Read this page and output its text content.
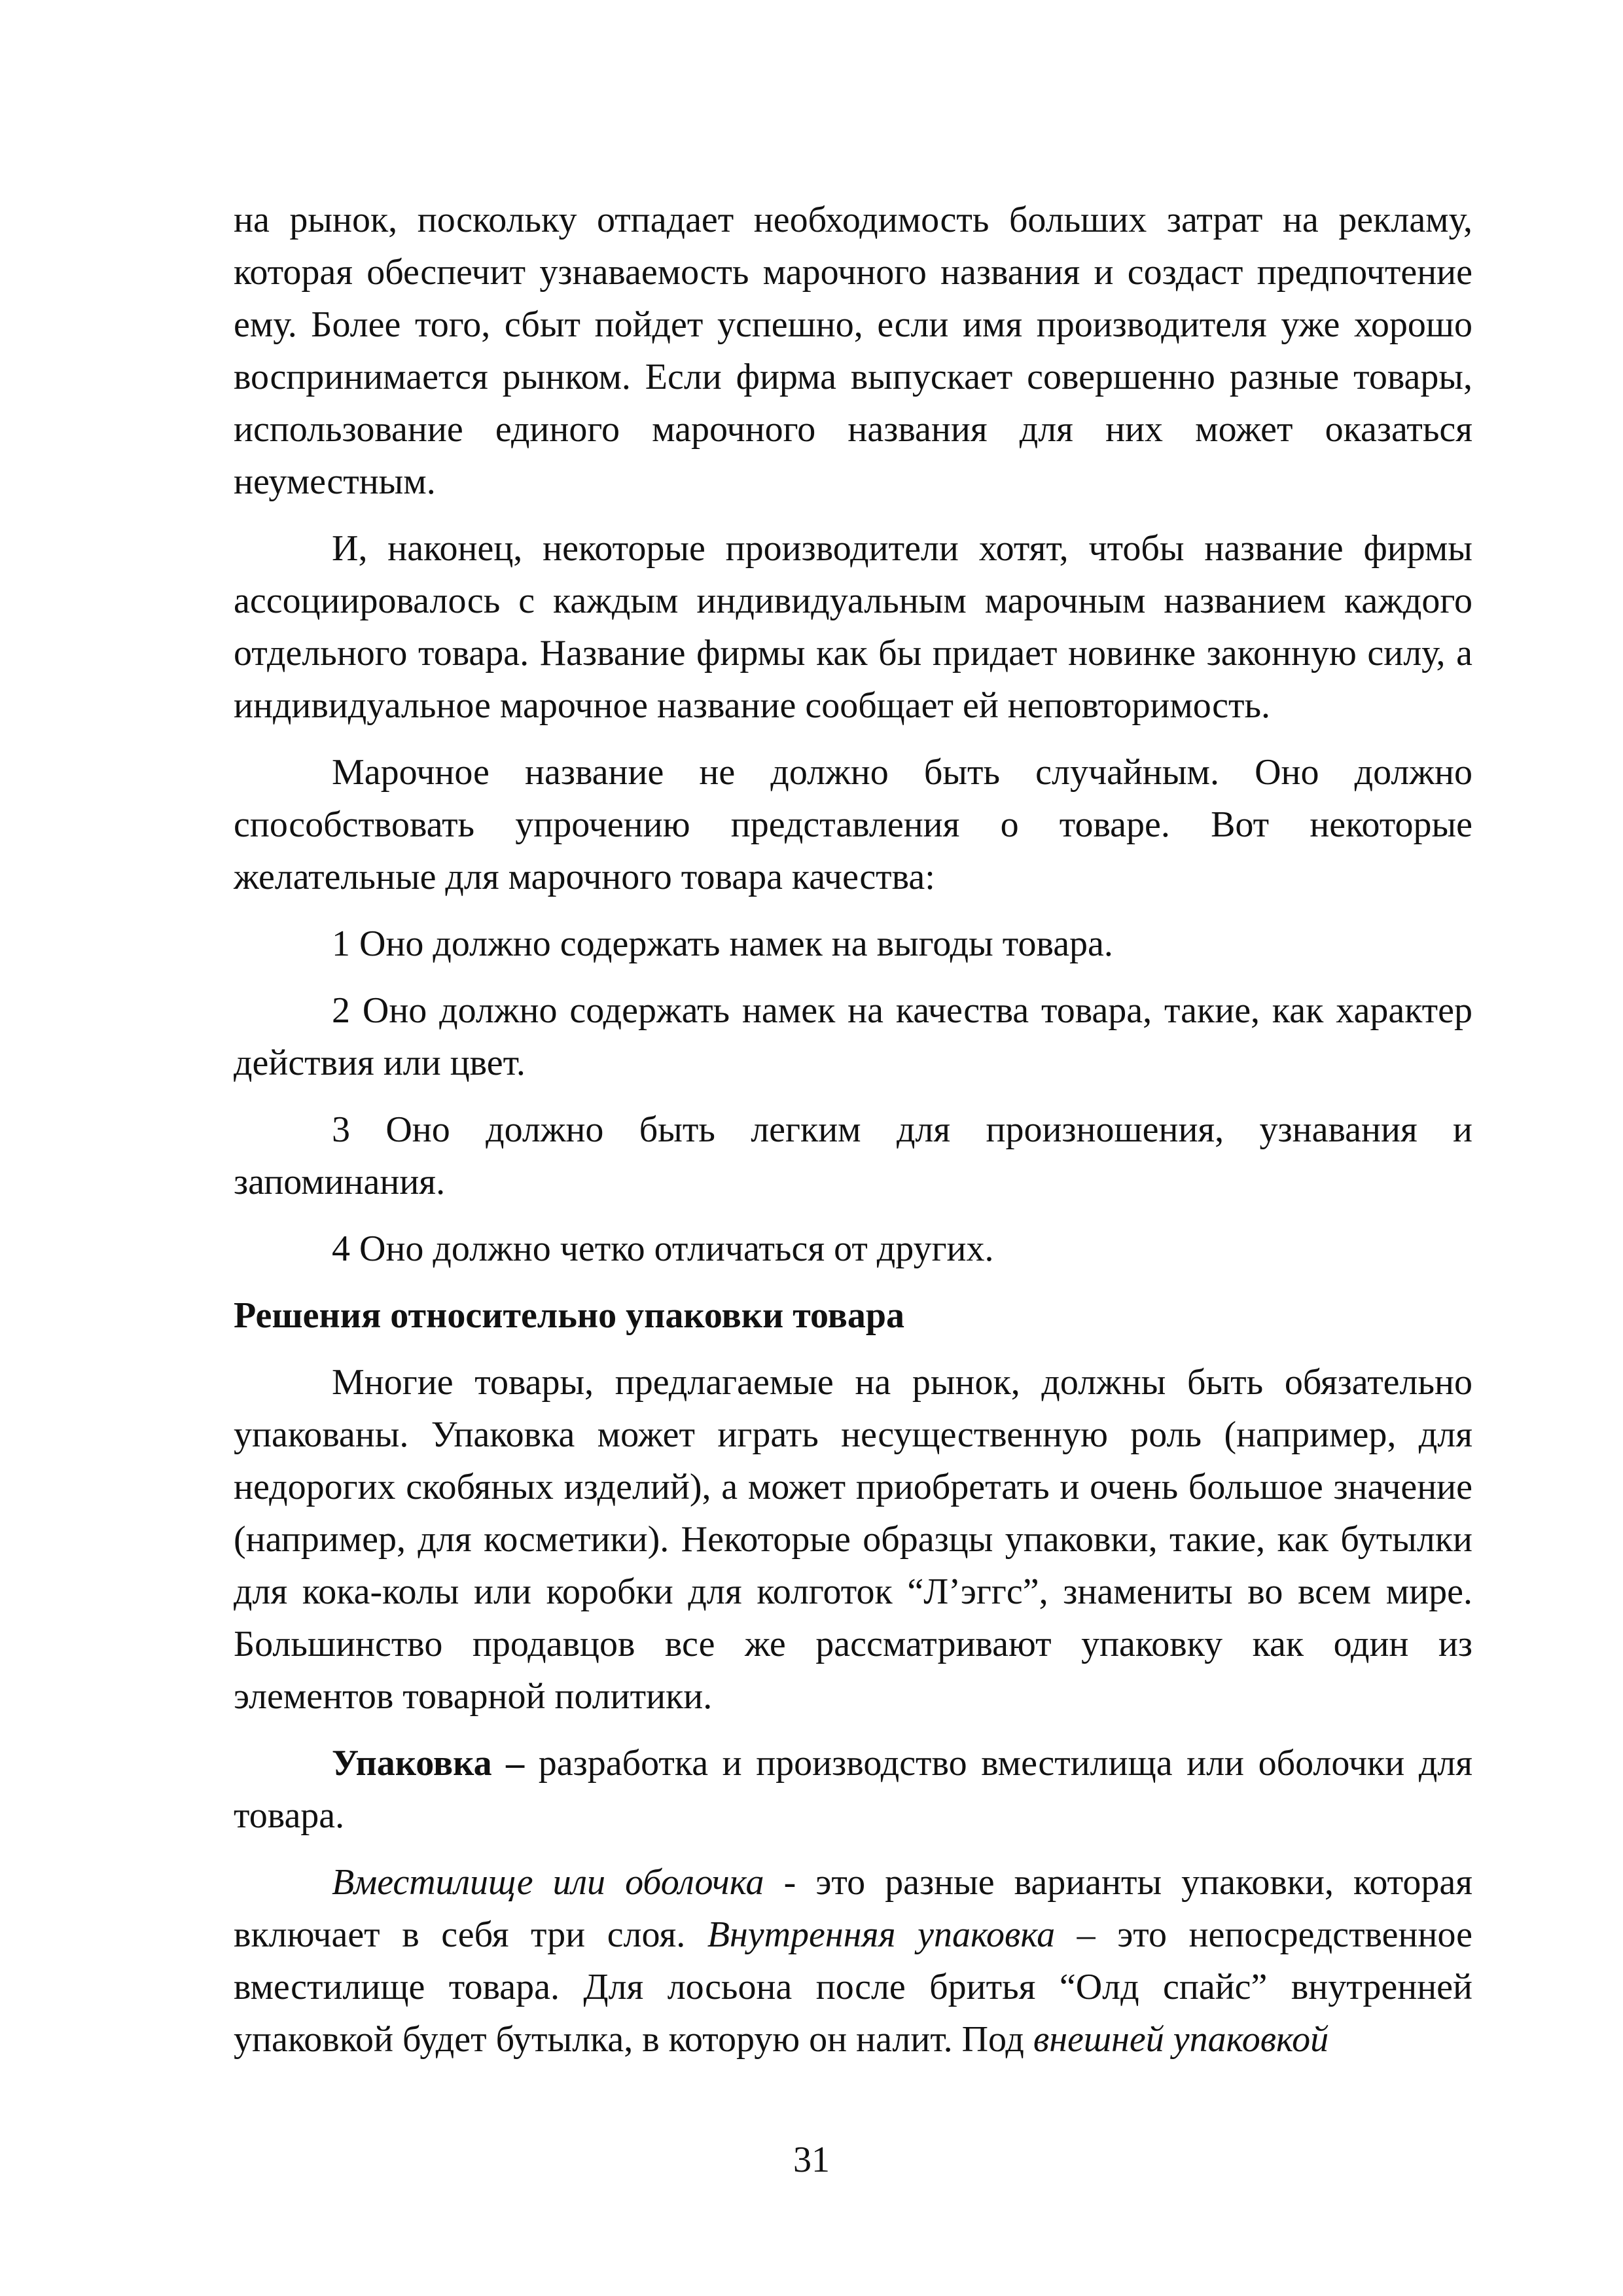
на рынок, поскольку отпадает необходимость больших затрат на рекламу, которая обеспечит узнаваемость марочного названия и создаст предпочтение ему. Более того, сбыт пойдет успешно, если имя производителя уже хорошо воспринимается рынком. Если фирма выпускает совершенно разные товары, использование единого марочного названия для них может оказаться неуместным.

И, наконец, некоторые производители хотят, чтобы название фирмы ассоциировалось с каждым индивидуальным марочным названием каждого отдельного товара. Название фирмы как бы придает новинке законную силу, а индивидуальное марочное название сообщает ей неповторимость.

Марочное название не должно быть случайным. Оно должно способствовать упрочению представления о товаре. Вот некоторые желательные для марочного товара качества:

1 Оно должно содержать намек на выгоды товара.

2 Оно должно содержать намек на качества товара, такие, как характер действия или цвет.

3 Оно должно быть легким для произношения, узнавания и запоминания.

4 Оно должно четко отличаться от других.

Решения относительно упаковки товара

Многие товары, предлагаемые на рынок, должны быть обязательно упакованы. Упаковка может играть несущественную роль (например, для недорогих скобяных изделий), а может приобретать и очень большое значение (например, для косметики). Некоторые образцы упаковки, такие, как бутылки для кока-колы или коробки для колготок “Л’эггс”, знамениты во всем мире. Большинство продавцов все же рассматривают упаковку как один из элементов товарной политики.

Упаковка – разработка и производство вместилища или оболочки для товара.

Вместилище или оболочка - это разные варианты упаковки, которая включает в себя три слоя. Внутренняя упаковка – это непосредственное вместилище товара. Для лосьона после бритья “Олд спайс” внутренней упаковкой будет бутылка, в которую он налит. Под внешней упаковкой

31
